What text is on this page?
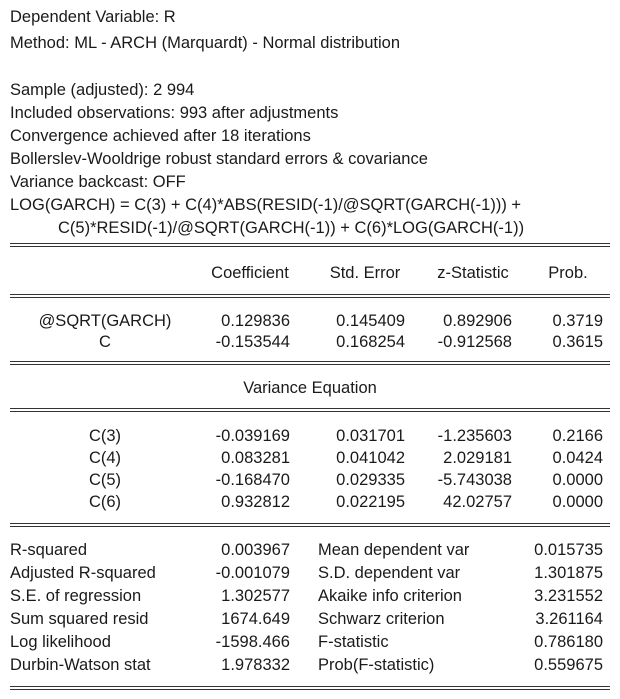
Dependent Variable: R
Method: ML - ARCH (Marquardt) - Normal distribution
Sample (adjusted): 2 994
Included observations: 993 after adjustments
Convergence achieved after 18 iterations
Bollerslev-Wooldrige robust standard errors & covariance
Variance backcast: OFF
LOG(GARCH) = C(3) + C(4)*ABS(RESID(-1)/@SQRT(GARCH(-1))) +
C(5)*RESID(-1)/@SQRT(GARCH(-1)) + C(6)*LOG(GARCH(-1))
Coefficient	Std. Error	z-Statistic	Prob.
@SQRT(GARCH)	0.129836	0.145409	0.892906	0.3719
C	-0.153544	0.168254	-0.912568	0.3615
Variance Equation
C(3)	-0.039169	0.031701	-1.235603	0.2166
C(4)	0.083281	0.041042	2.029181	0.0424
C(5)	-0.168470	0.029335	-5.743038	0.0000
C(6)	0.932812	0.022195	42.02757	0.0000
R-squared	0.003967 Mean dependent var	0.015735
Adjusted R-squared	-0.001079 S.D. dependent var	1.301875
S.E. of regression	1.302577 Akaike info criterion	3.231552
Sum squared resid	1674.649 Schwarz criterion	3.261164
Log likelihood	-1598.466 F-statistic	0.786180
Durbin-Watson stat	1.978332 Prob(F-statistic)	0.559675
